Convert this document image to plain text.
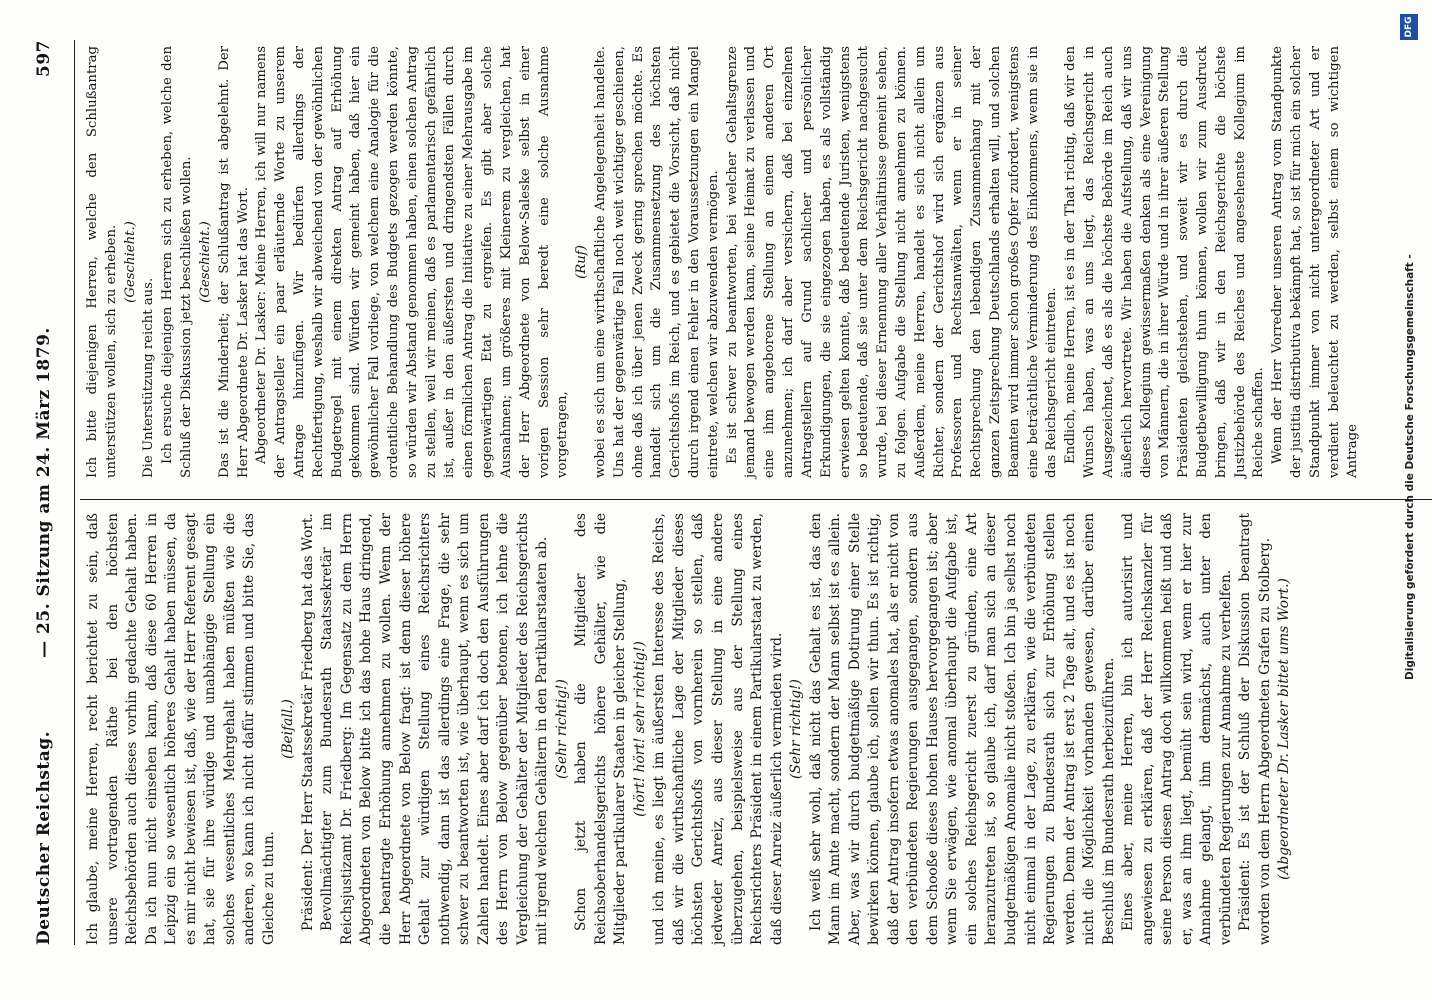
Deutscher Reichstag.
— 25. Sitzung am 24. März 1879.
597

Ich glaube, meine Herren, recht berichtet zu sein, daß unsere vortragenden Räthe bei den höchsten Reichsbehörden auch dieses vorhin gedachte Gehalt haben. Da ich nun nicht einsehen kann, daß diese 60 Herren in Leipzig ein so wesentlich höheres Gehalt haben müssen, da es mir nicht bewiesen ist, daß, wie der Herr Referent gesagt hat, sie für ihre würdige und unabhängige Stellung ein solches wesentliches Mehrgehalt haben müßten wie die anderen, so kann ich nicht dafür stimmen und bitte Sie, das Gleiche zu thun.

(Beifall.) Präsident: Der Herr Staatssekretär Friedberg hat das Wort. Bevollmächtigter zum Bundesrath Staatssekretär im Reichsjustizamt Dr. Friedberg: Im Gegensatz zu dem Herrn Abgeordneten von Below bitte ich das hohe Haus dringend, die beantragte Erhöhung annehmen zu wollen. Wenn der Herr Abgeordnete von Below fragt: ist denn dieser höhere Gehalt zur würdigen Stellung eines Reichsrichters nothwendig, dann ist das allerdings eine Frage, die sehr schwer zu beantworten ist, wie überhaupt, wenn es sich um Zahlen handelt. Eines aber darf ich doch den Ausführungen des Herrn von Below gegenüber betonen, ich lehne die Vergleichung der Gehälter der Mitglieder des Reichsgerichts mit irgend welchen Gehältern in den Partikularstaaten ab. (Sehr richtig!) Schon jetzt haben die Mitglieder des Reichsoberhandelsgerichts höhere Gehälter, wie die Mitglieder partikularer Staaten in gleicher Stellung, (hört! hört! sehr richtig!) und ich meine, es liegt im äußersten Interesse des Reichs, daß wir die wirthschaftliche Lage der Mitglieder dieses höchsten Gerichtshofs von vornherein so stellen, daß jedweder Anreiz, aus dieser Stellung in eine andere überzugehen, beispielsweise aus der Stellung eines Reichsrichters Präsident in einem Partikularstaat zu werden, daß dieser Anreiz äußerlich vermieden wird. (Sehr richtig!) Ich weiß sehr wohl, daß nicht das Gehalt es ist, das den Mann im Amte macht, sondern der Mann selbst ist es allein. Aber, was wir durch budgetmäßige Dotirung einer Stelle bewirken können, glaube ich, sollen wir thun. Es ist richtig, daß der Antrag insofern etwas anomales hat, als er nicht von den verbündeten Regierungen ausgegangen, sondern aus dem Schooße dieses hohen Hauses hervorgegangen ist; aber wenn Sie erwägen, wie anomal überhaupt die Aufgabe ist, ein solches Reichsgericht zuerst zu gründen, eine Art heranzutreten ist, so glaube ich, darf man sich an dieser budgetmäßigen Anomalie nicht stoßen. Ich bin ja selbst noch nicht einmal in der Lage, zu erklären, wie die verbündeten Regierungen zu Bundesrath sich zur Erhöhung stellen werden. Denn der Antrag ist erst 2 Tage alt, und es ist noch nicht die Möglichkeit vorhanden gewesen, darüber einen Beschluß im Bundesrath herbeizuführen. Eines aber, meine Herren, bin ich autorisirt und angewiesen zu erklären, daß der Herr Reichskanzler für seine Person diesen Antrag doch willkommen heißt und daß er, was an ihm liegt, bemüht sein wird, wenn er hier zur Annahme gelangt, ihm demnächst, auch unter den verbündeten Regierungen zur Annahme zu verhelfen. Präsident: Es ist der Schluß der Diskussion beantragt worden von dem Herrn Abgeordneten Grafen zu Stolberg. (Abgeordneter Dr. Lasker bittet ums Wort.)

Ich bitte diejenigen Herren, welche den Schlußantrag unterstützen wollen, sich zu erheben. (Geschieht.)

Die Unterstützung reicht aus. Ich ersuche diejenigen Herren sich zu erheben, welche den Schluß der Diskussion jetzt beschließen wollen. (Geschieht.) Das ist die Minderheit; der Schlußantrag ist abgelehnt. Der Herr Abgeordnete Dr. Lasker hat das Wort. Abgeordneter Dr. Lasker: Meine Herren, ich will nur namens der Antragsteller ein paar erläuternde Worte zu unserem Antrage hinzufügen. Wir bedürfen allerdings der Rechtfertigung, weshalb wir abweichend von der gewöhnlichen Budgetregel mit einem direkten Antrag auf Erhöhung gekommen sind. Würden wir gemeint haben, daß hier ein gewöhnlicher Fall vorliege, von welchem eine Analogie für die ordentliche Behandlung des Budgets gezogen werden könnte, so würden wir Abstand genommen haben, einen solchen Antrag zu stellen, weil wir meinen, daß es parlamentarisch gefährlich ist, außer in den äußersten und dringendsten Fällen durch einen förmlichen Antrag die Initiative zu einer Mehrausgabe im gegenwärtigen Etat zu ergreifen. Es gibt aber solche Ausnahmen; um größeres mit Kleinerem zu vergleichen, hat der Herr Abgeordnete von Below-Saleske selbst in einer vorigen Session sehr beredt eine solche Ausnahme vorgetragen,

(Ruf) wobei es sich um eine wirthschaftliche Angelegenheit handelte. Uns hat der gegenwärtige Fall noch weit wichtiger geschienen, ohne daß ich über jenen Zweck gering sprechen möchte. Es handelt sich um die Zusammensetzung des höchsten Gerichtshofs im Reich, und es gebietet die Vorsicht, daß nicht durch irgend einen Fehler in den Voraussetzungen ein Mangel eintrete, welchen wir abzuwenden vermögen. Es ist schwer zu beantworten, bei welcher Gehaltsgrenze jemand bewogen werden kann, seine Heimat zu verlassen und eine ihm angeborene Stellung an einem anderen Ort anzunehmen; ich darf aber versichern, daß bei einzelnen Antragstellern auf Grund sachlicher und persönlicher Erkundigungen, die sie eingezogen haben, es als vollständig erwiesen gelten konnte, daß bedeutende Juristen, wenigstens so bedeutende, daß sie unter dem Reichsgericht nachgesucht wurde, bei dieser Ernennung aller Verhältnisse gemeint sehen, zu folgen. Aufgabe die Stellung nicht annehmen zu können. Außerdem, meine Herren, handelt es sich nicht allein um Richter, sondern der Gerichtshof wird sich ergänzen aus Professoren und Rechtsanwälten, wenn er in seiner Rechtsprechung den lebendigen Zusammenhang mit der ganzen Zeitsprechung Deutschlands erhalten will, und solchen Beamten wird immer schon großes Opfer zufordert, wenigstens eine beträchtliche Verminderung des Einkommens, wenn sie in das Reichsgericht eintreten. Endlich, meine Herren, ist es in der That richtig, daß wir den Wunsch haben, was an uns liegt, das Reichsgericht in Ausgezeichnet, daß es als die höchste Behörde im Reich auch äußerlich hervortrete. Wir haben die Aufstellung, daß wir uns dieses Kollegium gewissermaßen denken als eine Vereinigung von Männern, die in ihrer Würde und in ihrer äußeren Stellung Präsidenten gleichstehen, und soweit wir es durch die Budgetbewilligung thun können, wollen wir zum Ausdruck bringen, daß wir in den Reichsgerichte die höchste Justizbehörde des Reiches und angesehenste Kollegium im Reiche schaffen. Wenn der Herr Vorredner unseren Antrag vom Standpunkte der justitia distributiva bekämpft hat, so ist für mich ein solcher Standpunkt immer von nicht untergeordneter Art und er verdient beleuchtet zu werden, selbst einem so wichtigen Antrage	Digitalisierung gefördert durch die Deutsche Forschungsgemeinschaft -
DFG
